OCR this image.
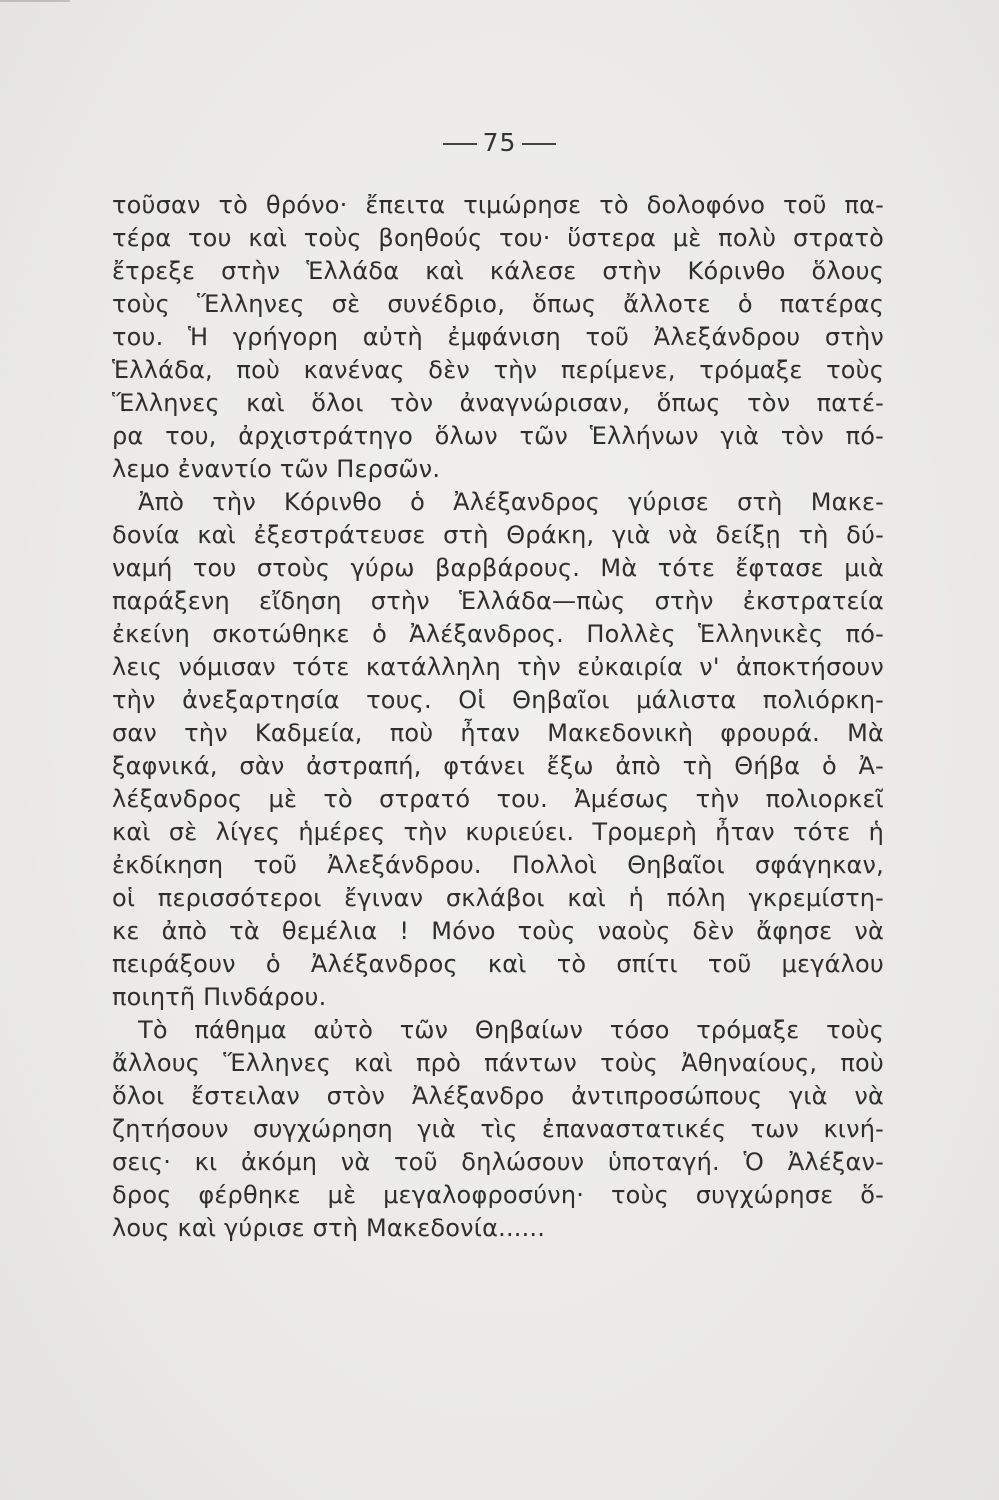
75
τοῦσαν τὸ θρόνο· ἔπειτα τιμώρησε τὸ δολοφόνο τοῦ πα-
τέρα του καὶ τοὺς βοηθούς του· ὕστερα μὲ πολὺ στρατὸ
ἔτρεξε στὴν Ἑλλάδα καὶ κάλεσε στὴν Κόρινθο ὅλους
τοὺς Ἕλληνες σὲ συνέδριο, ὅπως ἄλλοτε ὁ πατέρας
του. Ἡ γρήγορη αὐτὴ ἐμφάνιση τοῦ Ἀλεξάνδρου στὴν
Ἑλλάδα, ποὺ κανένας δὲν τὴν περίμενε, τρόμαξε τοὺς
Ἕλληνες καὶ ὅλοι τὸν ἀναγνώρισαν, ὅπως τὸν πατέ-
ρα του, ἀρχιστράτηγο ὅλων τῶν Ἑλλήνων γιὰ τὸν πό-
λεμο ἐναντίο τῶν Περσῶν.
Ἀπὸ τὴν Κόρινθο ὁ Ἀλέξανδρος γύρισε στὴ Μακε-
δονία καὶ ἐξεστράτευσε στὴ Θράκη, γιὰ νὰ δείξῃ τὴ δύ-
ναμή του στοὺς γύρω βαρβάρους. Μὰ τότε ἔφτασε μιὰ
παράξενη εἴδηση στὴν Ἑλλάδα—πὼς στὴν ἐκστρατεία
ἐκείνη σκοτώθηκε ὁ Ἀλέξανδρος. Πολλὲς Ἑλληνικὲς πό-
λεις νόμισαν τότε κατάλληλη τὴν εὐκαιρία ν' ἀποκτήσουν
τὴν ἀνεξαρτησία τους. Οἱ Θηβαῖοι μάλιστα πολιόρκη-
σαν τὴν Καδμεία, ποὺ ἦταν Μακεδονικὴ φρουρά. Μὰ
ξαφνικά, σὰν ἀστραπή, φτάνει ἔξω ἀπὸ τὴ Θήβα ὁ Ἀ-
λέξανδρος μὲ τὸ στρατό του. Ἀμέσως τὴν πολιορκεῖ
καὶ σὲ λίγες ἡμέρες τὴν κυριεύει. Τρομερὴ ἦταν τότε ἡ
ἐκδίκηση τοῦ Ἀλεξάνδρου. Πολλοὶ Θηβαῖοι σφάγηκαν,
οἱ περισσότεροι ἔγιναν σκλάβοι καὶ ἡ πόλη γκρεμίστη-
κε ἀπὸ τὰ θεμέλια ! Μόνο τοὺς ναοὺς δὲν ἄφησε νὰ
πειράξουν ὁ Ἀλέξανδρος καὶ τὸ σπίτι τοῦ μεγάλου
ποιητῆ Πινδάρου.
Τὸ πάθημα αὐτὸ τῶν Θηβαίων τόσο τρόμαξε τοὺς
ἄλλους Ἕλληνες καὶ πρὸ πάντων τοὺς Ἀθηναίους, ποὺ
ὅλοι ἔστειλαν στὸν Ἀλέξανδρο ἀντιπροσώπους γιὰ νὰ
ζητήσουν συγχώρηση γιὰ τὶς ἐπαναστατικές των κινή-
σεις· κι ἀκόμη νὰ τοῦ δηλώσουν ὑποταγή. Ὁ Ἀλέξαν-
δρος φέρθηκε μὲ μεγαλοφροσύνη· τοὺς συγχώρησε ὅ-
λους καὶ γύρισε στὴ Μακεδονία......
